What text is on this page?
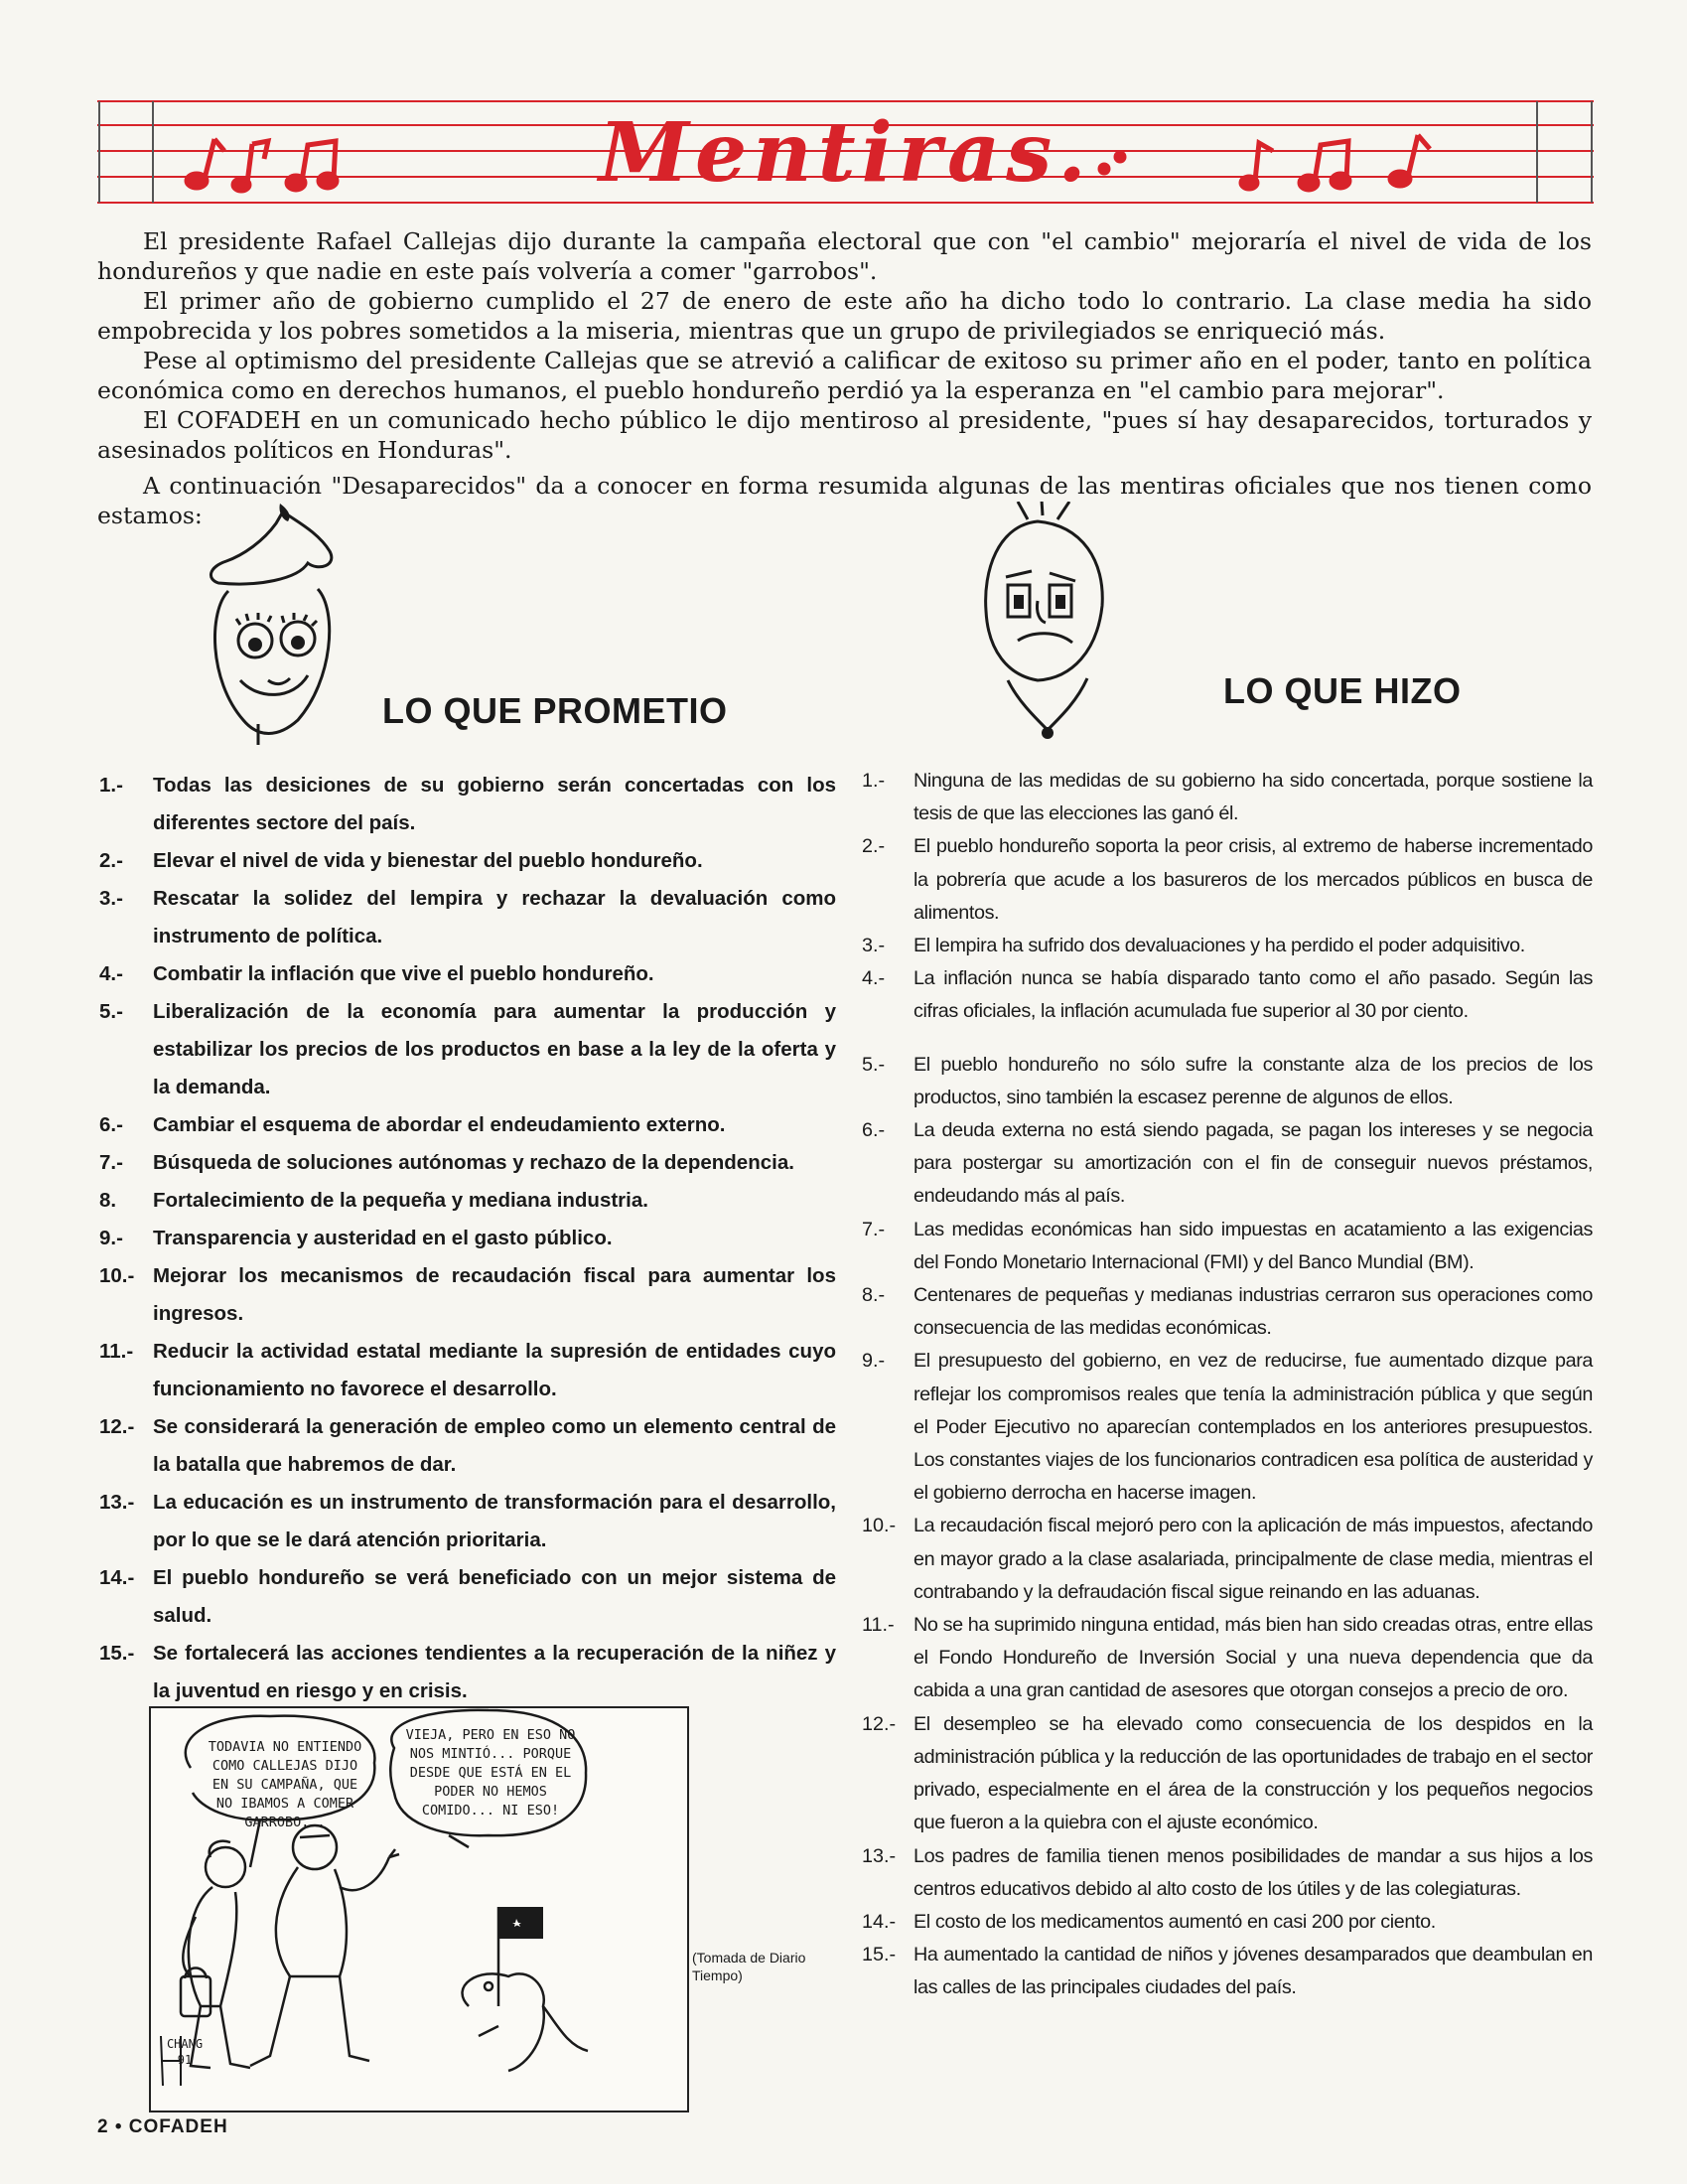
Mentiras.

El presidente Rafael Callejas dijo durante la campaña electoral que con "el cambio" mejoraría el nivel de vida de los hondureños y que nadie en este país volvería a comer "garrobos".

El primer año de gobierno cumplido el 27 de enero de este año ha dicho todo lo contrario. La clase media ha sido empobrecida y los pobres sometidos a la miseria, mientras que un grupo de privilegiados se enriqueció más.

Pese al optimismo del presidente Callejas que se atrevió a calificar de exitoso su primer año en el poder, tanto en política económica como en derechos humanos, el pueblo hondureño perdió ya la esperanza en "el cambio para mejorar".

El COFADEH en un comunicado hecho público le dijo mentiroso al presidente, "pues sí hay desaparecidos, torturados y asesinados políticos en Honduras".

A continuación "Desaparecidos" da a conocer en forma resumida algunas de las mentiras oficiales que nos tienen como estamos:

LO QUE PROMETIO	LO QUE HIZO
1.- Todas las desiciones de su gobierno serán concertadas con los diferentes sectore del país.
2.- Elevar el nivel de vida y bienestar del pueblo hondureño.
3.- Rescatar la solidez del lempira y rechazar la devaluación como instrumento de política.
4.- Combatir la inflación que vive el pueblo hondureño.
5.- Liberalización de la economía para aumentar la producción y estabilizar los precios de los productos en base a la ley de la oferta y la demanda.
6.- Cambiar el esquema de abordar el endeudamiento externo.
7.- Búsqueda de soluciones autónomas y rechazo de la dependencia.
8. Fortalecimiento de la pequeña y mediana industria.
9.- Transparencia y austeridad en el gasto público.
10.- Mejorar los mecanismos de recaudación fiscal para aumentar los ingresos.
11.- Reducir la actividad estatal mediante la supresión de entidades cuyo funcionamiento no favorece el desarrollo.
12.- Se considerará la generación de empleo como un elemento central de la batalla que habremos de dar.
13.- La educación es un instrumento de transformación para el desarrollo, por lo que se le dará atención prioritaria.
14.- El pueblo hondureño se verá beneficiado con un mejor sistema de salud.
15.- Se fortalecerá las acciones tendientes a la recuperación de la niñez y la juventud en riesgo y en crisis.
1.- Ninguna de las medidas de su gobierno ha sido concertada, porque sostiene la tesis de que las elecciones las ganó él.
2.- El pueblo hondureño soporta la peor crisis, al extremo de haberse incrementado la pobrería que acude a los basureros de los mercados públicos en busca de alimentos.
3.- El lempira ha sufrido dos devaluaciones y ha perdido el poder adquisitivo.
4.- La inflación nunca se había disparado tanto como el año pasado. Según las cifras oficiales, la inflación acumulada fue superior al 30 por ciento.
5.- El pueblo hondureño no sólo sufre la constante alza de los precios de los productos, sino también la escasez perenne de algunos de ellos.
6.- La deuda externa no está siendo pagada, se pagan los intereses y se negocia para postergar su amortización con el fin de conseguir nuevos préstamos, endeudando más al país.
7.- Las medidas económicas han sido impuestas en acatamiento a las exigencias del Fondo Monetario Internacional (FMI) y del Banco Mundial (BM).
8.- Centenares de pequeñas y medianas industrias cerraron sus operaciones como consecuencia de las medidas económicas.
9.- El presupuesto del gobierno, en vez de reducirse, fue aumentado dizque para reflejar los compromisos reales que tenía la administración pública y que según el Poder Ejecutivo no aparecían contemplados en los anteriores presupuestos. Los constantes viajes de los funcionarios contradicen esa política de austeridad y el gobierno derrocha en hacerse imagen.
10.- La recaudación fiscal mejoró pero con la aplicación de más impuestos, afectando en mayor grado a la clase asalariada, principalmente de clase media, mientras el contrabando y la defraudación fiscal sigue reinando en las aduanas.
11.- No se ha suprimido ninguna entidad, más bien han sido creadas otras, entre ellas el Fondo Hondureño de Inversión Social y una nueva dependencia que da cabida a una gran cantidad de asesores que otorgan consejos a precio de oro.
12.- El desempleo se ha elevado como consecuencia de los despidos en la administración pública y la reducción de las oportunidades de trabajo en el sector privado, especialmente en el área de la construcción y los pequeños negocios que fueron a la quiebra con el ajuste económico.
13.- Los padres de familia tienen menos posibilidades de mandar a sus hijos a los centros educativos debido al alto costo de los útiles y de las colegiaturas.
14.- El costo de los medicamentos aumentó en casi 200 por ciento.
15.- Ha aumentado la cantidad de niños y jóvenes desamparados que deambulan en las calles de las principales ciudades del país.
TODAVIA NO ENTIENDO
COMO CALLEJAS DIJO
EN SU CAMPAÑA, QUE
NO IBAMOS A COMER
GARROBO...
VIEJA, PERO EN ESO NO
NOS MINTIÓ... PORQUE
DESDE QUE ESTÁ EN EL
PODER NO HEMOS
COMIDO... NI ESO!
CHANG
91
(Tomada de Diario Tiempo)
2 • COFADEH
